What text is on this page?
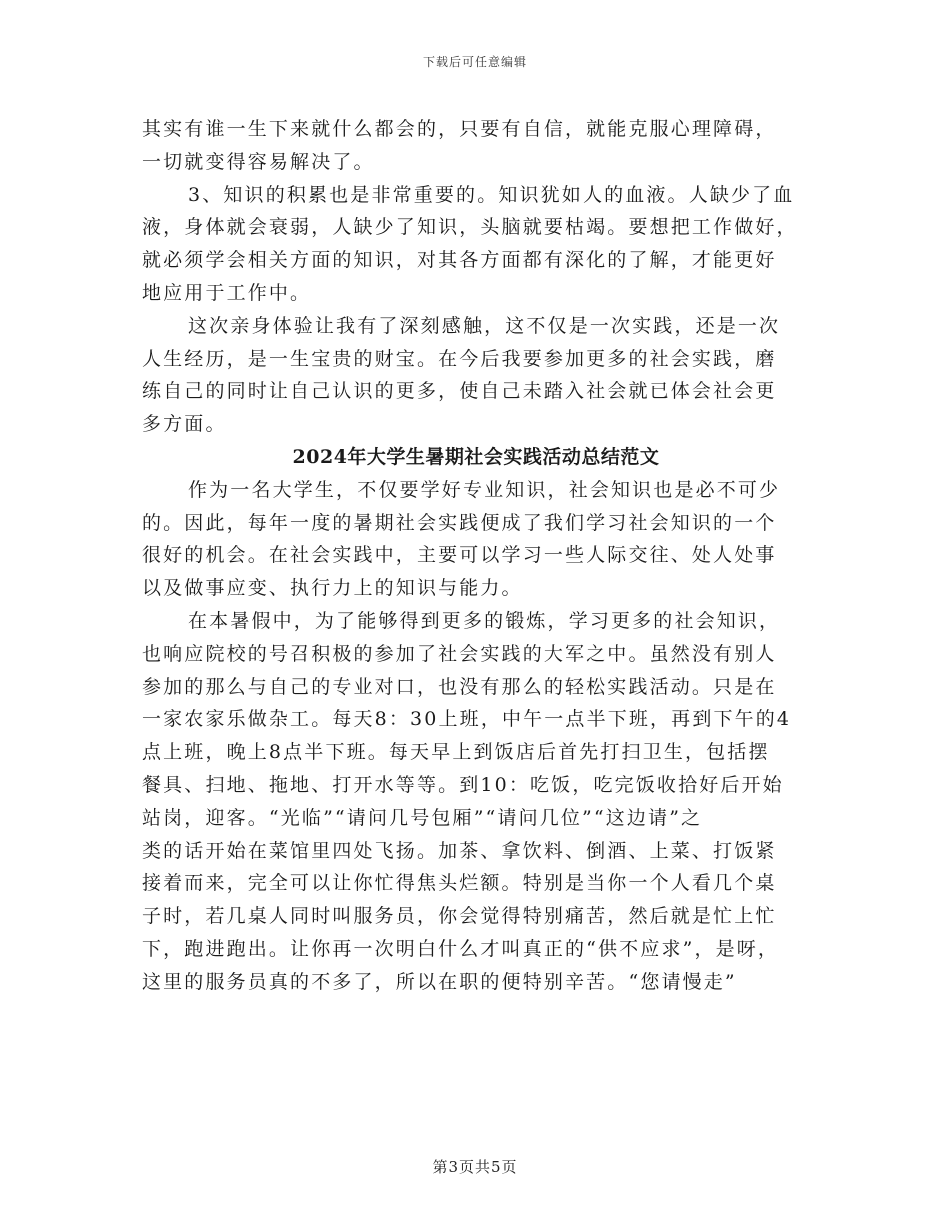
下载后可任意编辑
其实有谁一生下来就什么都会的，只要有自信，就能克服心理障碍，
一切就变得容易解决了。
3、知识的积累也是非常重要的。知识犹如人的血液。人缺少了血
液，身体就会衰弱，人缺少了知识，头脑就要枯竭。要想把工作做好，
就必须学会相关方面的知识，对其各方面都有深化的了解，才能更好
地应用于工作中。
这次亲身体验让我有了深刻感触，这不仅是一次实践，还是一次
人生经历，是一生宝贵的财宝。在今后我要参加更多的社会实践，磨
练自己的同时让自己认识的更多，使自己未踏入社会就已体会社会更
多方面。
2024年大学生暑期社会实践活动总结范文
作为一名大学生，不仅要学好专业知识，社会知识也是必不可少
的。因此，每年一度的暑期社会实践便成了我们学习社会知识的一个
很好的机会。在社会实践中，主要可以学习一些人际交往、处人处事
以及做事应变、执行力上的知识与能力。
在本暑假中，为了能够得到更多的锻炼，学习更多的社会知识，
也响应院校的号召积极的参加了社会实践的大军之中。虽然没有别人
参加的那么与自己的专业对口，也没有那么的轻松实践活动。只是在
一家农家乐做杂工。每天8：30上班，中午一点半下班，再到下午的4
点上班，晚上8点半下班。每天早上到饭店后首先打扫卫生，包括摆
餐具、扫地、拖地、打开水等等。到10：吃饭，吃完饭收拾好后开始
站岗，迎客。“光临”“请问几号包厢”“请问几位”“这边请”之
类的话开始在菜馆里四处飞扬。加茶、拿饮料、倒酒、上菜、打饭紧
接着而来，完全可以让你忙得焦头烂额。特别是当你一个人看几个桌
子时，若几桌人同时叫服务员，你会觉得特别痛苦，然后就是忙上忙
下，跑进跑出。让你再一次明白什么才叫真正的“供不应求”，是呀，
这里的服务员真的不多了，所以在职的便特别辛苦。“您请慢走”
第3页共5页
